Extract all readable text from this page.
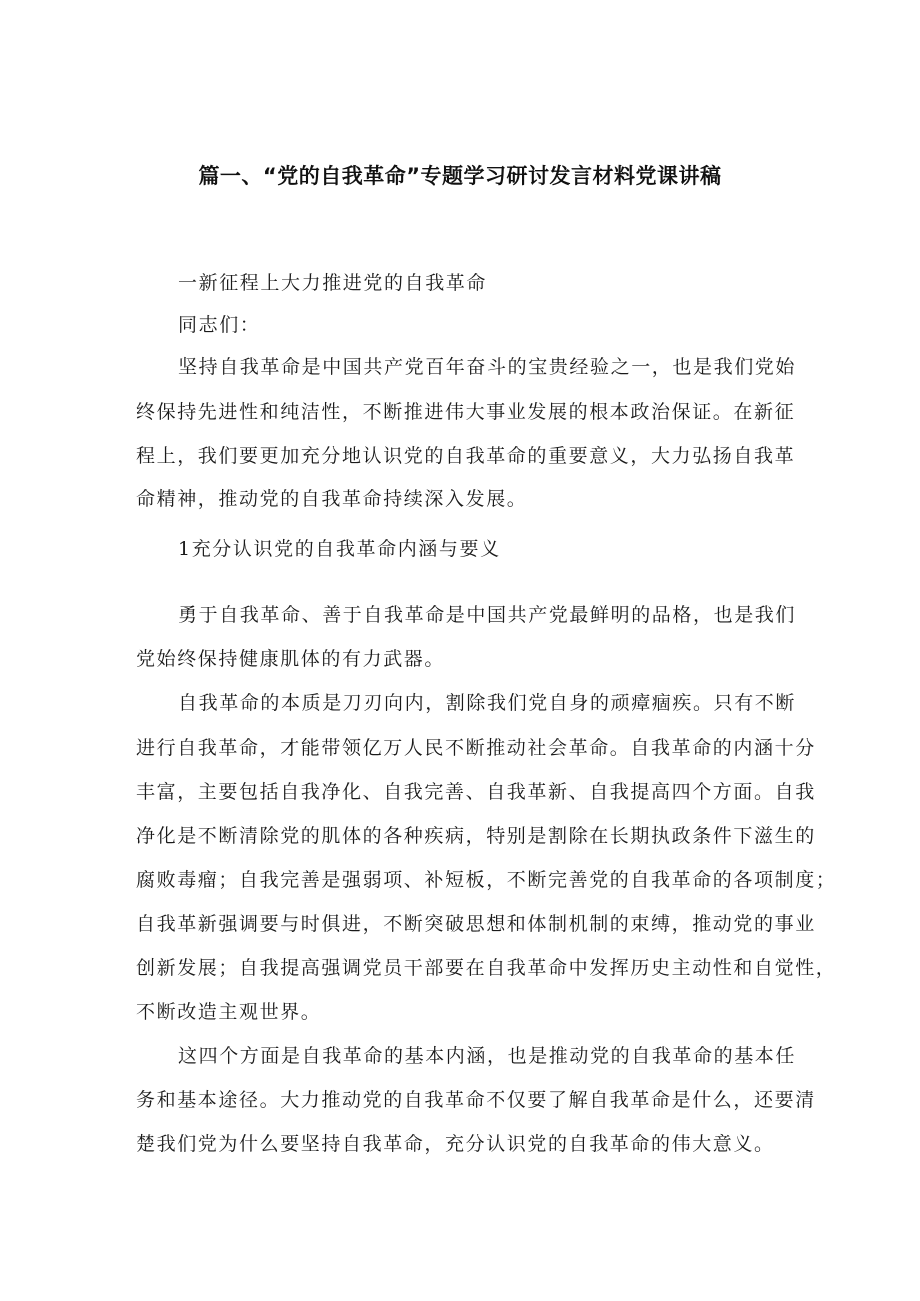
篇一、“党的自我革命”专题学习研讨发言材料党课讲稿
一新征程上大力推进党的自我革命
同志们：
坚持自我革命是中国共产党百年奋斗的宝贵经验之一，也是我们党始
终保持先进性和纯洁性，不断推进伟大事业发展的根本政治保证。在新征
程上，我们要更加充分地认识党的自我革命的重要意义，大力弘扬自我革
命精神，推动党的自我革命持续深入发展。
1充分认识党的自我革命内涵与要义
勇于自我革命、善于自我革命是中国共产党最鲜明的品格，也是我们
党始终保持健康肌体的有力武器。
自我革命的本质是刀刃向内，割除我们党自身的顽瘴痼疾。只有不断
进行自我革命，才能带领亿万人民不断推动社会革命。自我革命的内涵十分
丰富，主要包括自我净化、自我完善、自我革新、自我提高四个方面。自我
净化是不断清除党的肌体的各种疾病，特别是割除在长期执政条件下滋生的
腐败毒瘤；自我完善是强弱项、补短板，不断完善党的自我革命的各项制度；
自我革新强调要与时俱进，不断突破思想和体制机制的束缚，推动党的事业
创新发展；自我提高强调党员干部要在自我革命中发挥历史主动性和自觉性，
不断改造主观世界。
这四个方面是自我革命的基本内涵，也是推动党的自我革命的基本任
务和基本途径。大力推动党的自我革命不仅要了解自我革命是什么，还要清
楚我们党为什么要坚持自我革命，充分认识党的自我革命的伟大意义。
